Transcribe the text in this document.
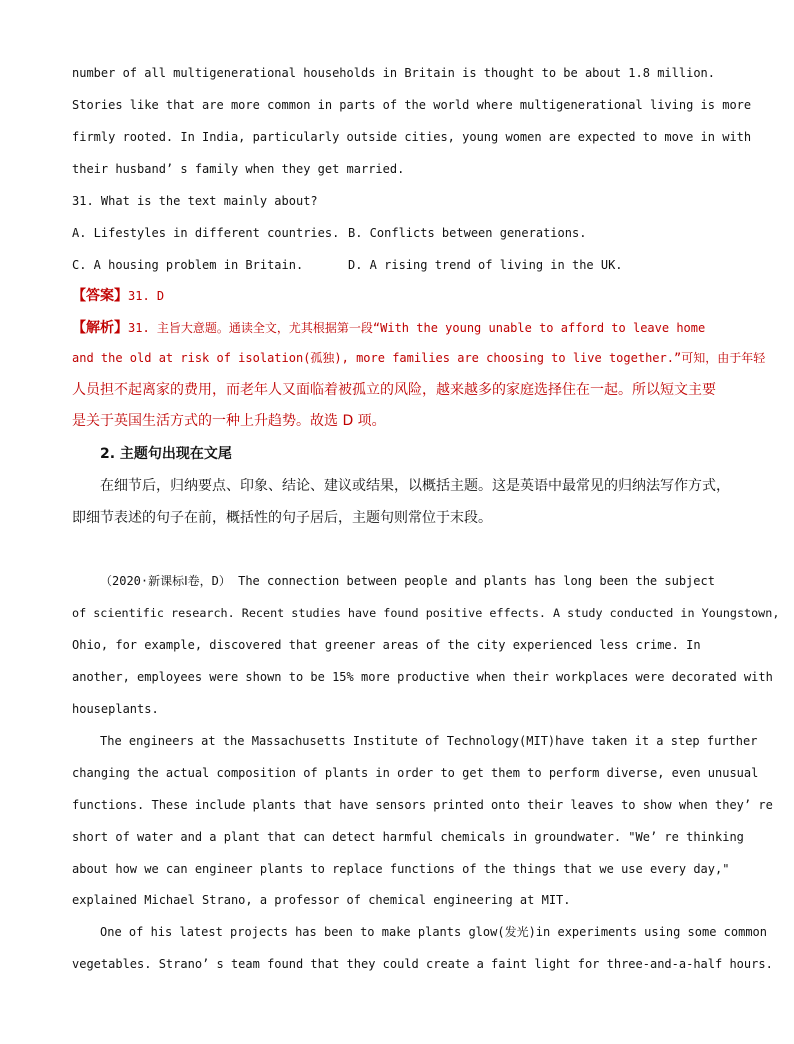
number of all multigenerational households in Britain is thought to be about 1.8 million.
Stories like that are more common in parts of the world where multigenerational living is more
firmly rooted. In India, particularly outside cities, young women are expected to move in with
their husband’ s family when they get married.
31. What is the text mainly about?
A. Lifestyles in different countries. B. Conflicts between generations.
C. A housing problem in Britain.	D. A rising trend of living in the UK.
【答案】31. D
【解析】31. 主旨大意题。通读全文，尤其根据第一段“With the young unable to afford to leave home
and the old at risk of isolation(孤独), more families are choosing to live together.”可知，由于年轻
人员担不起离家的费用，而老年人又面临着被孤立的风险，越来越多的家庭选择住在一起。所以短文主要
是关于英国生活方式的一种上升趋势。故选 D 项。
2. 主题句出现在文尾
在细节后，归纳要点、印象、结论、建议或结果，以概括主题。这是英语中最常见的归纳法写作方式，
即细节表述的句子在前，概括性的句子居后，主题句则常位于末段。
（2020·新课标Ⅰ卷，D） The connection between people and plants has long been the subject
of scientific research. Recent studies have found positive effects. A study conducted in Youngstown,
Ohio, for example, discovered that greener areas of the city experienced less crime. In
another, employees were shown to be 15% more productive when their workplaces were decorated with
houseplants.
The engineers at the Massachusetts Institute of Technology(MIT)have taken it a step further
changing the actual composition of plants in order to get them to perform diverse, even unusual
functions. These include plants that have sensors printed onto their leaves to show when they’ re
short of water and a plant that can detect harmful chemicals in groundwater. "We’ re thinking
about how we can engineer plants to replace functions of the things that we use every day,"
explained Michael Strano, a professor of chemical engineering at MIT.
One of his latest projects has been to make plants glow(发光)in experiments using some common
vegetables. Strano’ s team found that they could create a faint light for three-and-a-half hours.
